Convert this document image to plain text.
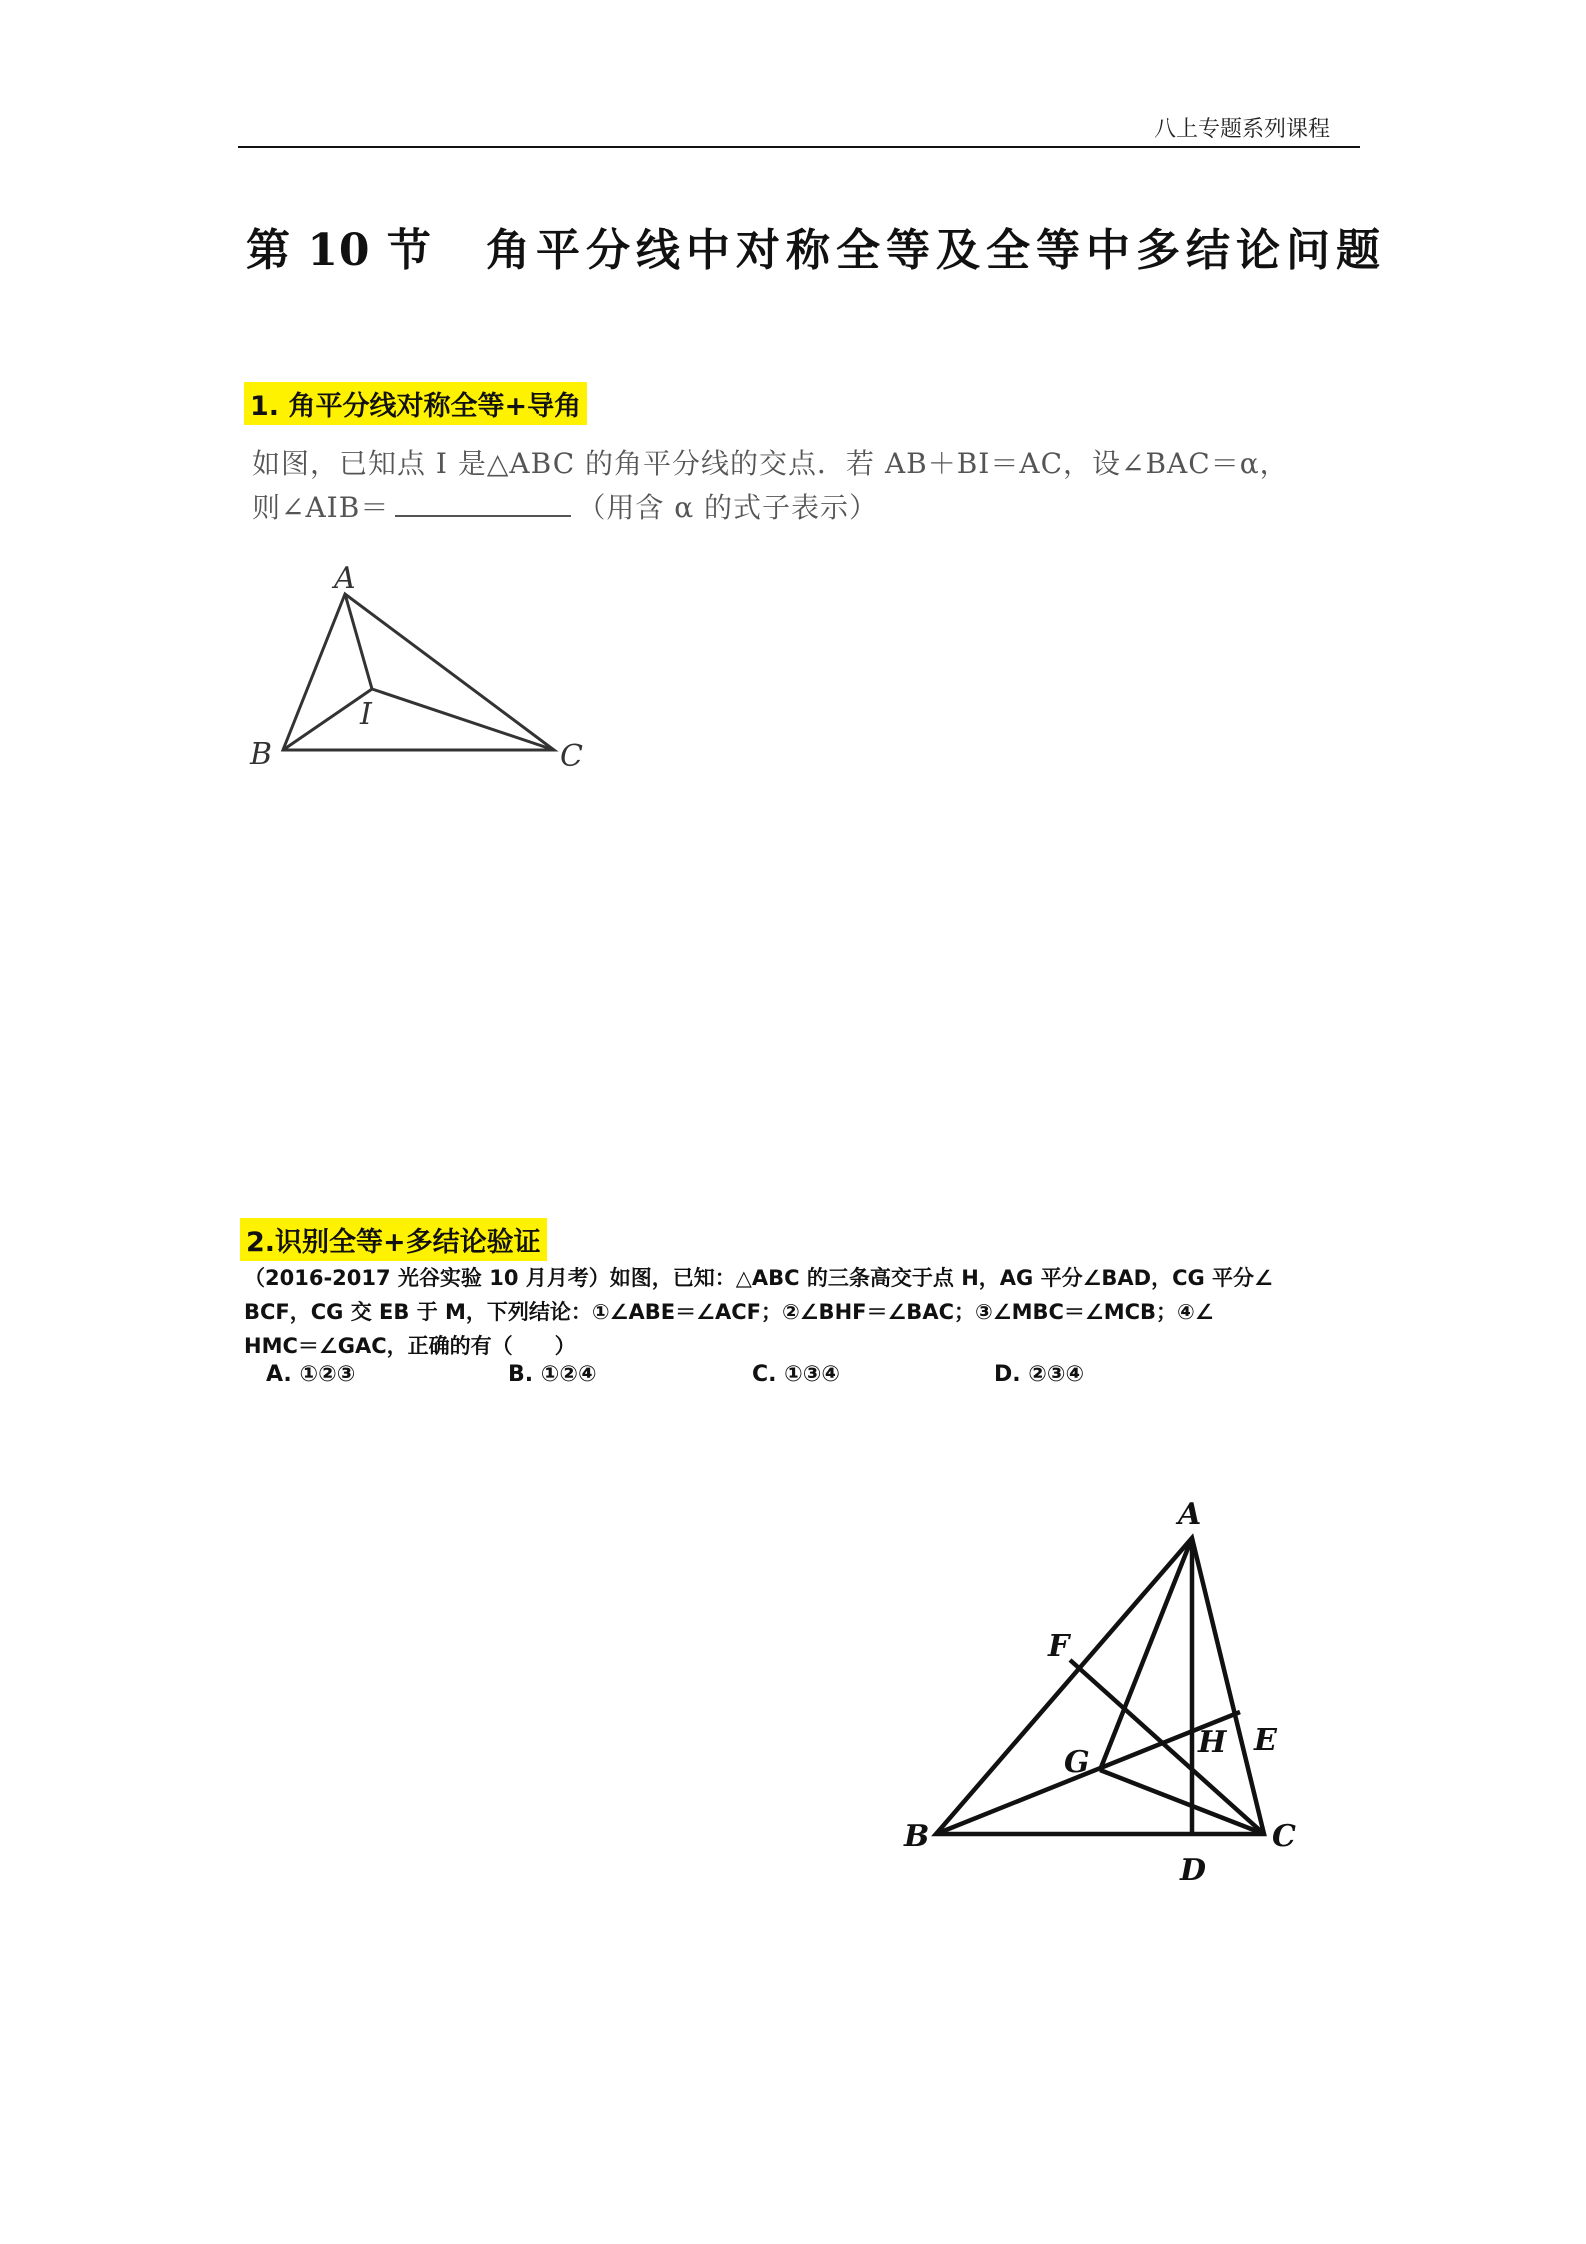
八上专题系列课程
第 10 节 角平分线中对称全等及全等中多结论问题
1. 角平分线对称全等+导角
如图，已知点 I 是△ABC 的角平分线的交点．若 AB＋BI＝AC，设∠BAC＝α，
则∠AIB＝	（用含 α 的式子表示）
A
B	C
I
A
B	C
D
E
F
G
H
2.识别全等+多结论验证
（2016-2017 光谷实验 10 月月考）如图，已知：△ABC 的三条高交于点 H，AG 平分∠BAD，CG 平分∠
BCF，CG 交 EB 于 M，下列结论：①∠ABE＝∠ACF；②∠BHF＝∠BAC；③∠MBC＝∠MCB；④∠
HMC＝∠GAC，正确的有（　　）
A. ①②③	B. ①②④	C. ①③④	D. ②③④
